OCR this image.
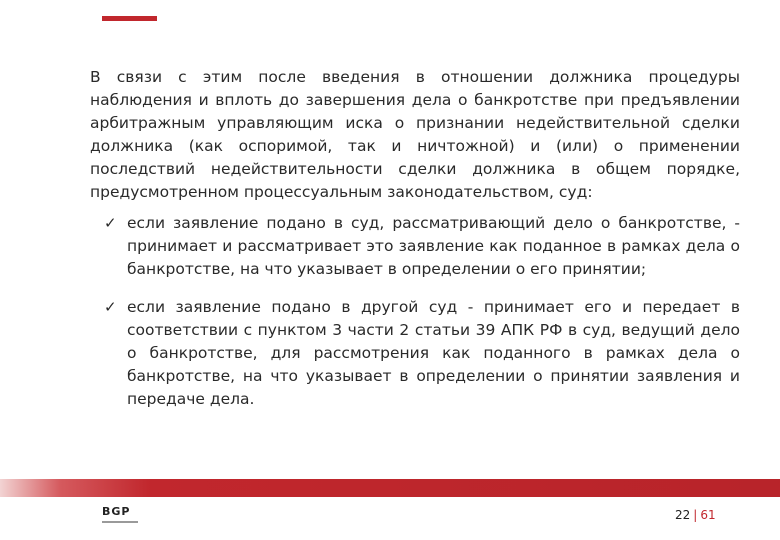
В связи с этим после введения в отношении должника процедуры наблюдения и вплоть до завершения дела о банкротстве при предъявлении арбитражным управляющим иска о признании недействительной сделки должника (как оспоримой, так и ничтожной) и (или) о применении последствий недействительности сделки должника в общем порядке, предусмотренном процессуальным законодательством, суд:

✓ если заявление подано в суд, рассматривающий дело о банкротстве, - принимает и рассматривает это заявление как поданное в рамках дела о банкротстве, на что указывает в определении о его принятии;
✓ если заявление подано в другой суд - принимает его и передает в соответствии с пунктом 3 части 2 статьи 39 АПК РФ в суд, ведущий дело о банкротстве, для рассмотрения как поданного в рамках дела о банкротстве, на что указывает в определении о принятии заявления и передаче дела.
BGP	22 | 61
